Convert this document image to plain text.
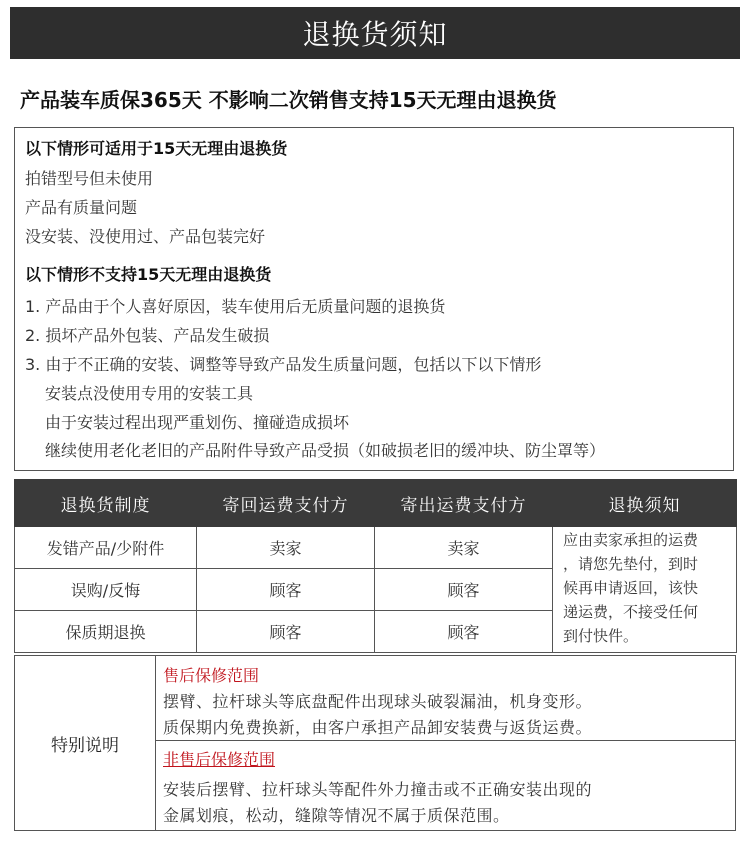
退换货须知
产品装车质保365天 不影响二次销售支持15天无理由退换货
以下情形可适用于15天无理由退换货
拍错型号但未使用
产品有质量问题
没安装、没使用过、产品包装完好
以下情形不支持15天无理由退换货
1. 产品由于个人喜好原因，装车使用后无质量问题的退换货
2. 损坏产品外包装、产品发生破损
3. 由于不正确的安装、调整等导致产品发生质量问题，包括以下以下情形
安装点没使用专用的安装工具
由于安装过程出现严重划伤、撞碰造成损坏
继续使用老化老旧的产品附件导致产品受损（如破损老旧的缓冲块、防尘罩等）
退换货制度	寄回运费支付方	寄出运费支付方	退换须知
发错产品/少附件	卖家	卖家	应由卖家承担的运费
，请您先垫付，到时
候再申请返回，该快
递运费，不接受任何
到付快件。

误购/反悔	顾客	顾客	
保质期退换	顾客	顾客	
特别说明
售后保修范围
摆臂、拉杆球头等底盘配件出现球头破裂漏油，机身变形。
质保期内免费换新，由客户承担产品卸安装费与返货运费。
非售后保修范围
安装后摆臂、拉杆球头等配件外力撞击或不正确安装出现的
金属划痕，松动，缝隙等情况不属于质保范围。
